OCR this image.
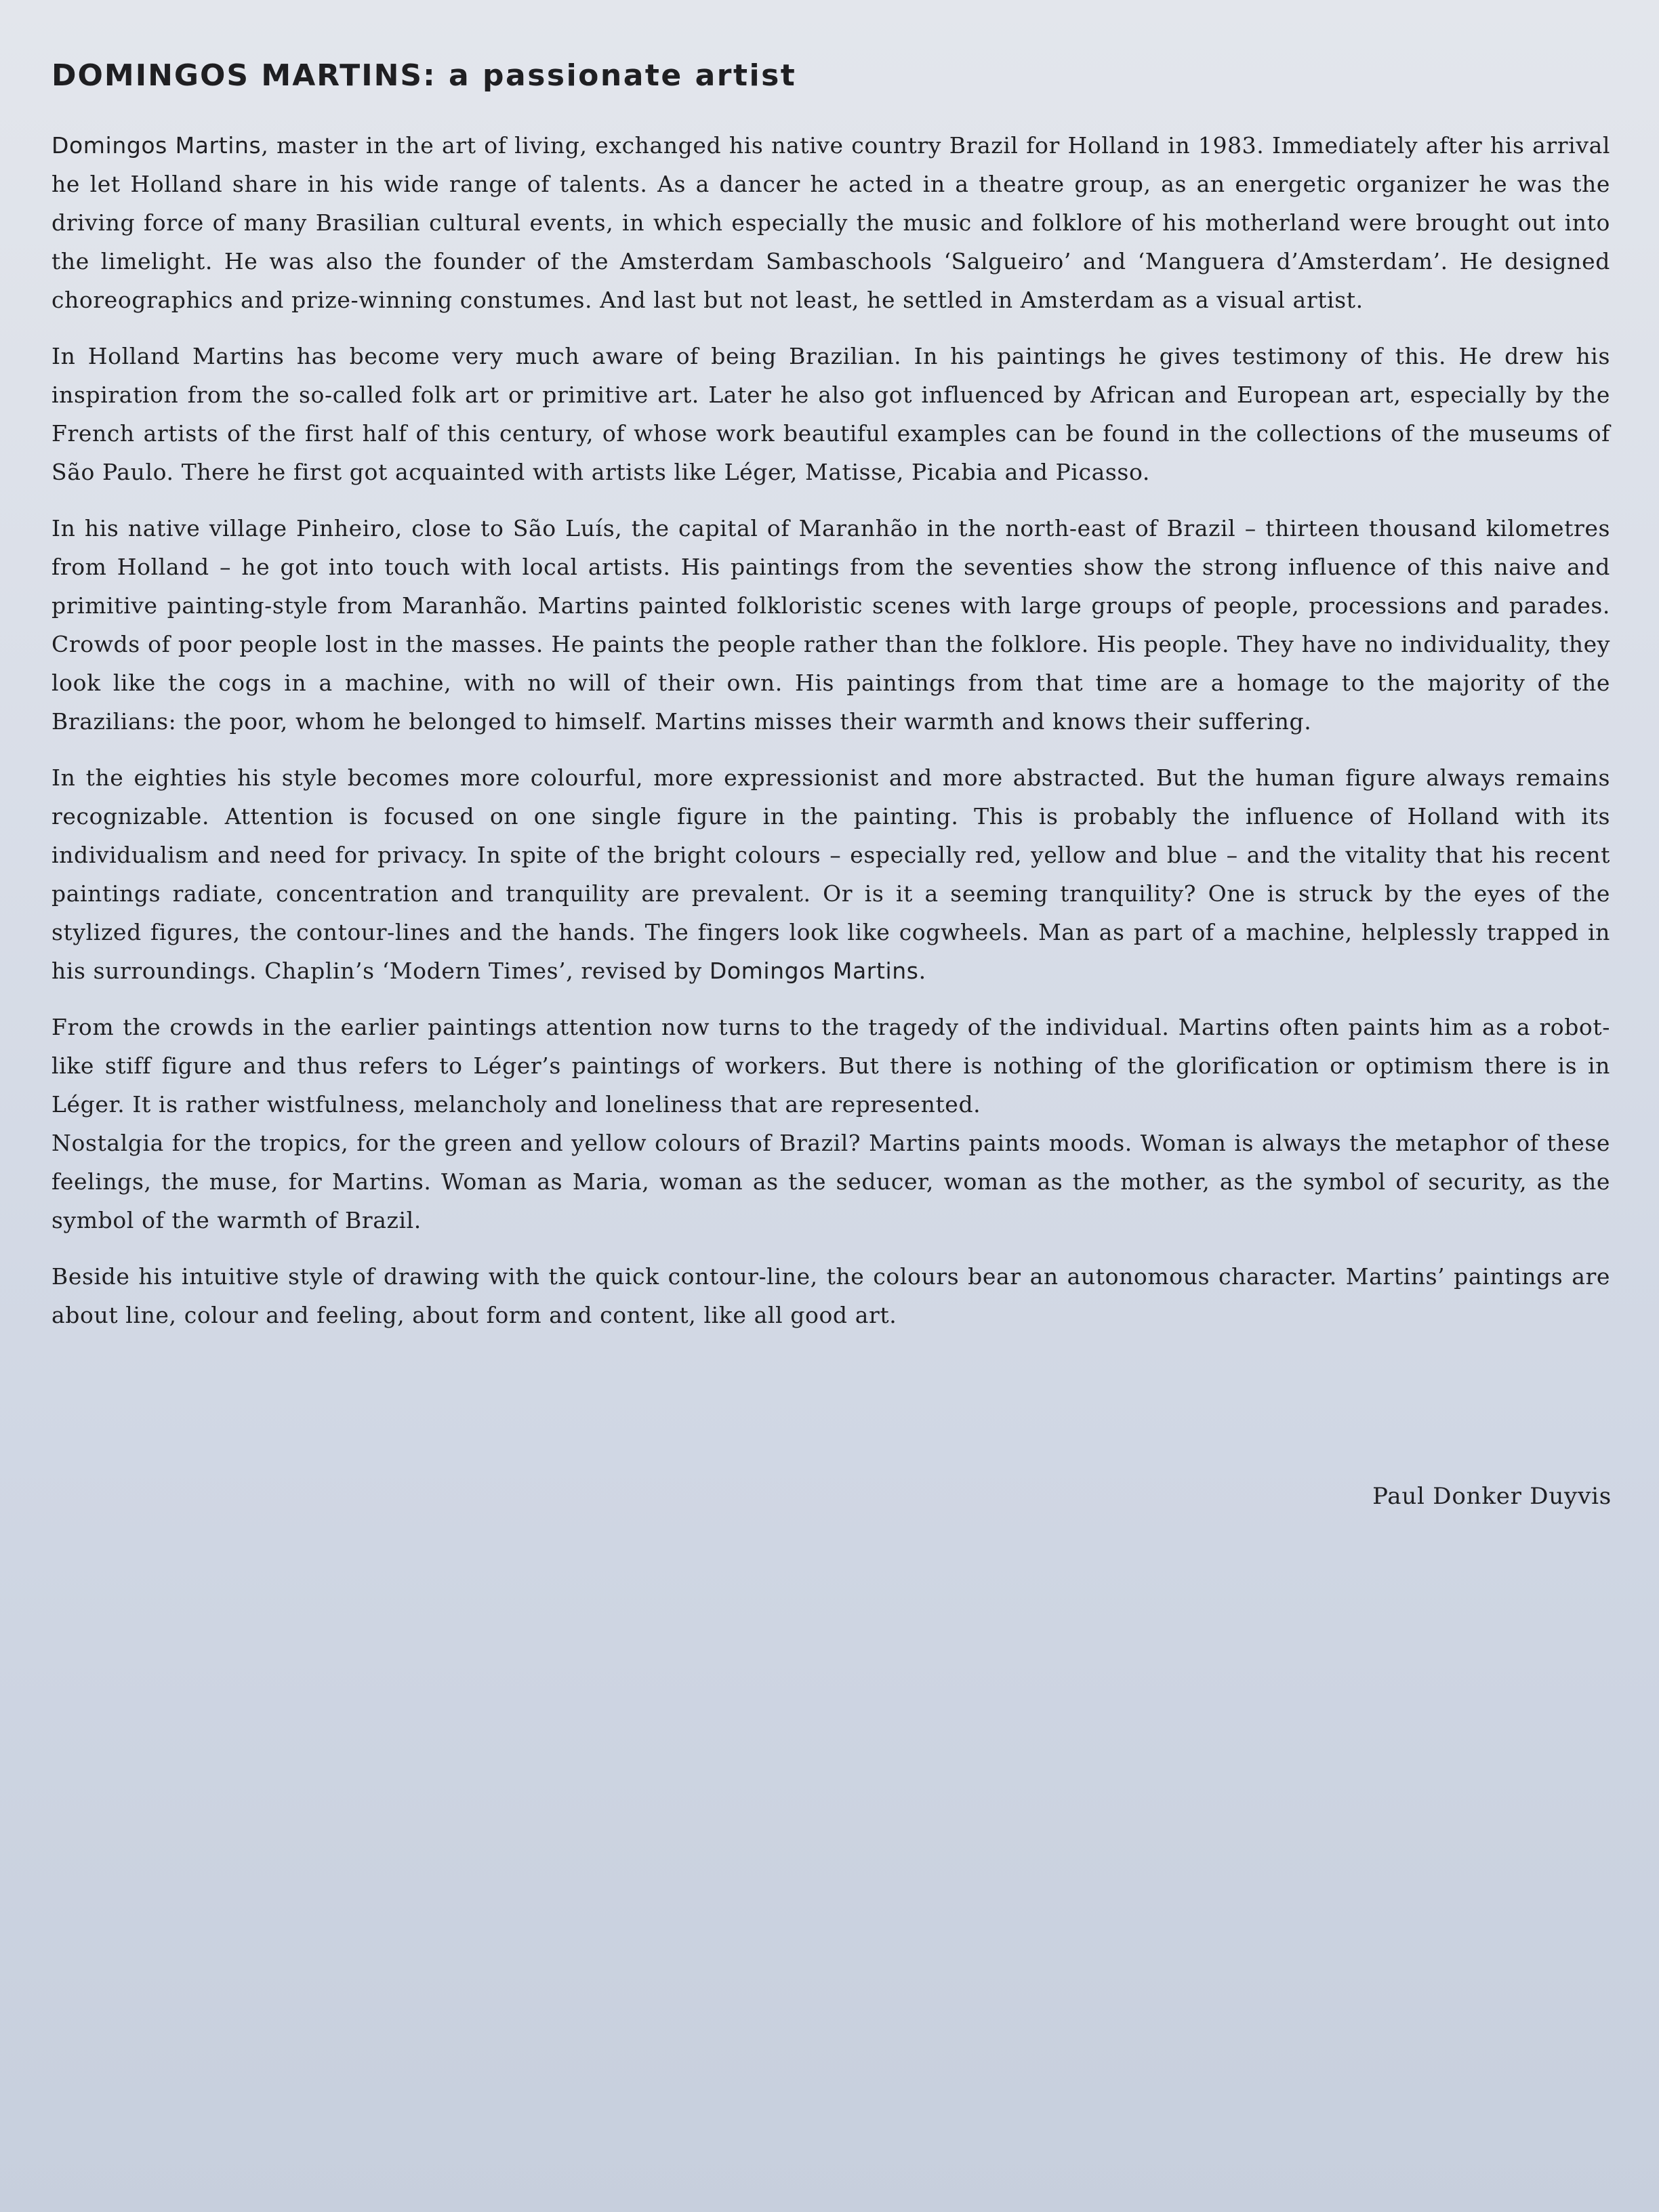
DOMINGOS MARTINS: a passionate artist

Domingos Martins, master in the art of living, exchanged his native country Brazil for Holland in 1983. Immediately after his arrival he let Holland share in his wide range of talents. As a dancer he acted in a theatre group, as an energetic organizer he was the driving force of many Brasilian cultural events, in which especially the music and folklore of his motherland were brought out into the limelight. He was also the founder of the Amsterdam Sambaschools ‘Salgueiro’ and ‘Manguera d’Amsterdam’. He designed choreographics and prize-winning constumes. And last but not least, he settled in Amsterdam as a visual artist.

In Holland Martins has become very much aware of being Brazilian. In his paintings he gives testimony of this. He drew his inspiration from the so-called folk art or primitive art. Later he also got influenced by African and European art, especially by the French artists of the first half of this century, of whose work beautiful examples can be found in the collections of the museums of São Paulo. There he first got acquainted with artists like Léger, Matisse, Picabia and Picasso.

In his native village Pinheiro, close to São Luís, the capital of Maranhão in the north-east of Brazil – thirteen thousand kilometres from Holland – he got into touch with local artists. His paintings from the seventies show the strong influence of this naive and primitive painting-style from Maranhão. Martins painted folkloristic scenes with large groups of people, processions and parades. Crowds of poor people lost in the masses. He paints the people rather than the folklore. His people. They have no individuality, they look like the cogs in a machine, with no will of their own. His paintings from that time are a homage to the majority of the Brazilians: the poor, whom he belonged to himself. Martins misses their warmth and knows their suffering.

In the eighties his style becomes more colourful, more expressionist and more abstracted. But the human figure always remains recognizable. Attention is focused on one single figure in the painting. This is probably the influence of Holland with its individualism and need for privacy. In spite of the bright colours – especially red, yellow and blue – and the vitality that his recent paintings radiate, concentration and tranquility are prevalent. Or is it a seeming tranquility? One is struck by the eyes of the stylized figures, the contour-lines and the hands. The fingers look like cogwheels. Man as part of a machine, helplessly trapped in his surroundings. Chaplin’s ‘Modern Times’, revised by Domingos Martins.

From the crowds in the earlier paintings attention now turns to the tragedy of the individual. Martins often paints him as a robot-like stiff figure and thus refers to Léger’s paintings of workers. But there is nothing of the glorification or optimism there is in Léger. It is rather wistfulness, melancholy and loneliness that are represented.
Nostalgia for the tropics, for the green and yellow colours of Brazil? Martins paints moods. Woman is always the metaphor of these feelings, the muse, for Martins. Woman as Maria, woman as the seducer, woman as the mother, as the symbol of security, as the symbol of the warmth of Brazil.

Beside his intuitive style of drawing with the quick contour-line, the colours bear an autonomous character. Martins’ paintings are about line, colour and feeling, about form and content, like all good art.

Paul Donker Duyvis
